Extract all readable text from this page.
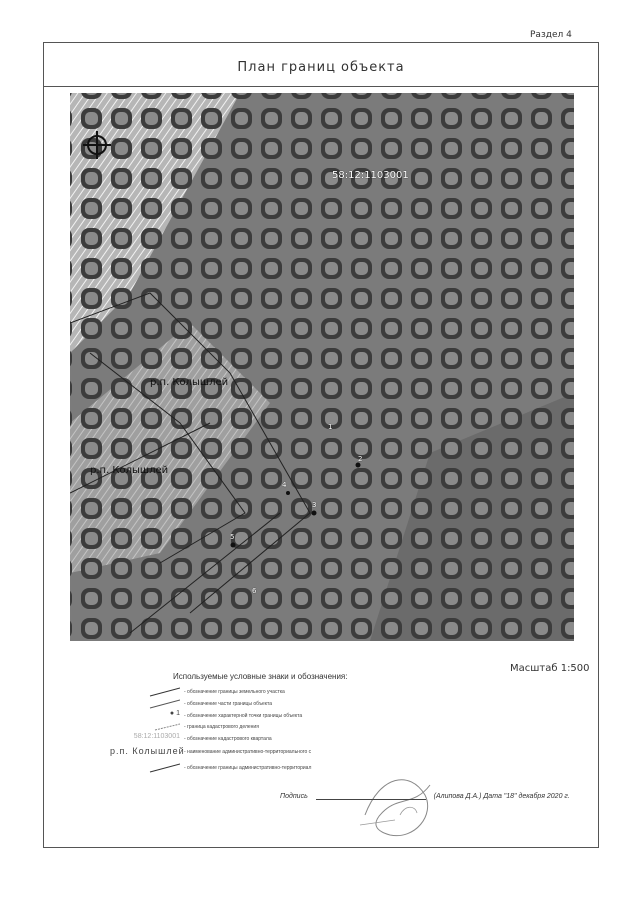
Раздел 4
План границ объекта
58:12:1103001
р.п. Колышлей
р.п. Колышлей
1
2
3
4
5
6
Масштаб 1:500
Используемые условные знаки и обозначения:
- обозначение границы земельного участка
- обозначение части границы объекта
● 1 - обозначение характерной точки границы объекта
- граница кадастрового деления
58:12:1103001 - обозначение кадастрового квартала
р.п. Колышлей - наименование административно-территориального с
- обозначение границы административно-территориал
Подпись	(Алипова Д.А.) Дата "18" декабря 2020 г.
